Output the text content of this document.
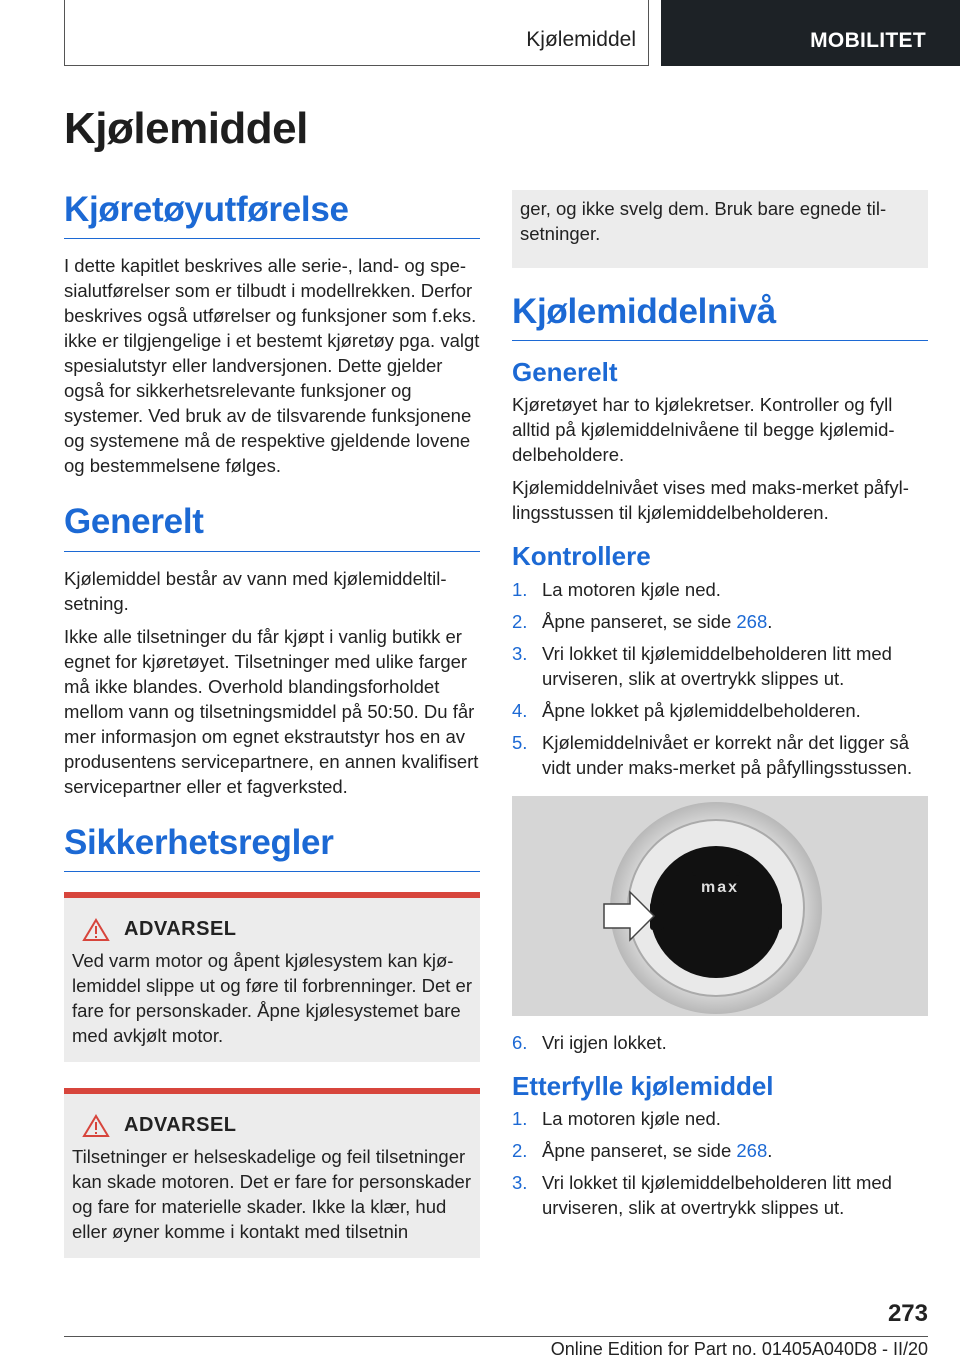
Kjølemiddel	MOBILITET
Kjølemiddel
Kjøretøyutførelse

I dette kapitlet beskrives alle serie-, land- og spesialutførelser som er tilbudt i modellrekken. Derfor beskrives også utførelser og funksjoner som f.eks. ikke er tilgjengelige i et bestemt kjøretøy pga. valgt spesialutstyr eller landversjonen. Dette gjelder også for sikkerhetsrelevante funksjoner og systemer. Ved bruk av de tilsvarende funksjonene og systemene må de respektive gjeldende lovene og bestemmelsene følges.

Generelt

Kjølemiddel består av vann med kjølemiddeltilsetning.

Ikke alle tilsetninger du får kjøpt i vanlig butikk er egnet for kjøretøyet. Tilsetninger med ulike farger må ikke blandes. Overhold blandingsforholdet mellom vann og tilsetningsmiddel på 50:50. Du får mer informasjon om egnet ekstrautstyr hos en av produsentens servicepartnere, en annen kvalifisert servicepartner eller et fagverksted.

Sikkerhetsregler
ADVARSEL

Ved varm motor og åpent kjølesystem kan kjølemiddel slippe ut og føre til forbrenninger. Det er fare for personskader. Åpne kjølesystemet bare med avkjølt motor.

ADVARSEL

Tilsetninger er helseskadelige og feil tilsetninger kan skade motoren. Det er fare for personskader og fare for materielle skader. Ikke la klær, hud eller øyner komme i kontakt med tilsetnin

ger, og ikke svelg dem. Bruk bare egnede tilsetninger.

Kjølemiddelnivå
Generelt

Kjøretøyet har to kjølekretser. Kontroller og fyll alltid på kjølemiddelnivåene til begge kjølemiddelbeholdere.

Kjølemiddelnivået vises med maks-merket påfyllingsstussen til kjølemiddelbeholderen.

Kontrollere
1. La motoren kjøle ned.
2. Åpne panseret, se side 268.
3. Vri lokket til kjølemiddelbeholderen litt med urviseren, slik at overtrykk slippes ut.
4. Åpne lokket på kjølemiddelbeholderen.
5. Kjølemiddelnivået er korrekt når det ligger så vidt under maks-merket på påfyllingsstussen.
max
6. Vri igjen lokket.
Etterfylle kjølemiddel
1. La motoren kjøle ned.
2. Åpne panseret, se side 268.
3. Vri lokket til kjølemiddelbeholderen litt med urviseren, slik at overtrykk slippes ut.
273
Online Edition for Part no. 01405A040D8 - II/20
